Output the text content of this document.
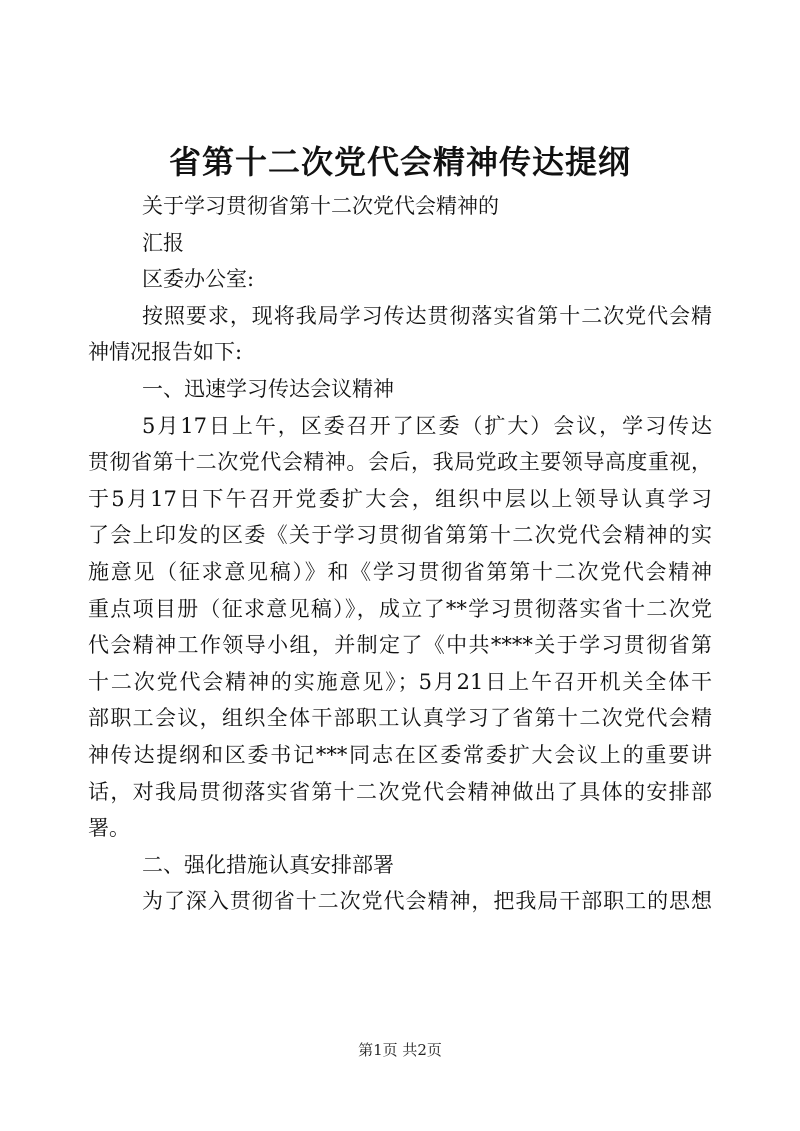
省第十二次党代会精神传达提纲
关于学习贯彻省第十二次党代会精神的
汇报
区委办公室:
按照要求，现将我局学习传达贯彻落实省第十二次党代会精
神情况报告如下:
一、迅速学习传达会议精神
5月17日上午，区委召开了区委（扩大）会议，学习传达
贯彻省第十二次党代会精神。会后，我局党政主要领导高度重视，
于5月17日下午召开党委扩大会，组织中层以上领导认真学习
了会上印发的区委《关于学习贯彻省第第十二次党代会精神的实
施意见（征求意见稿）》和《学习贯彻省第第十二次党代会精神
重点项目册（征求意见稿）》，成立了**学习贯彻落实省十二次党
代会精神工作领导小组，并制定了《中共****关于学习贯彻省第
十二次党代会精神的实施意见》；5月21日上午召开机关全体干
部职工会议，组织全体干部职工认真学习了省第十二次党代会精
神传达提纲和区委书记***同志在区委常委扩大会议上的重要讲
话，对我局贯彻落实省第十二次党代会精神做出了具体的安排部
署。
二、强化措施认真安排部署
为了深入贯彻省十二次党代会精神，把我局干部职工的思想
第1页 共2页
